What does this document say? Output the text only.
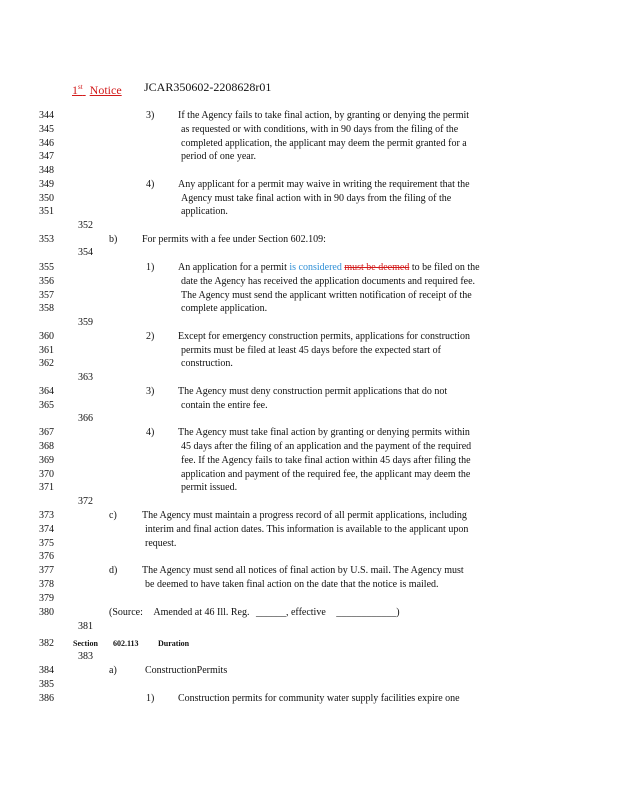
1st Notice JCAR350602-2208628r01
344
345
346
347
348
349
350
351
352
353
354
355
356
357
358
359
360
361
362
363
364
365
366
367
368
369
370
371
372
373
374
375
376
377
378
379
380
381
382
383
384
385
386
3) If the Agency fails to take final action, by granting or denying the permit
as requested or with conditions, with in 90 days from the filing of the
completed application, the applicant may deem the permit granted for a
period of one year.
4) Any applicant for a permit may waive in writing the requirement that the
Agency must take final action with in 90 days from the filing of the
application.
b) For permits with a fee under Section 602.109:
1) An application for a permit is considered must be deemed to be filed on the
date the Agency has received the application documents and required fee.
The Agency must send the applicant written notification of receipt of the
complete application.
2) Except for emergency construction permits, applications for construction
permits must be filed at least 45 days before the expected start of
construction.
3) The Agency must deny construction permit applications that do not
contain the entire fee.
4) The Agency must take final action by granting or denying permits within
45 days after the filing of an application and the payment of the required
fee. If the Agency fails to take final action within 45 days after filing the
application and payment of the required fee, the applicant may deem the
permit issued.
c)	The Agency must maintain a progress record of all permit applications, including
interim and final action dates. This information is available to the applicant upon
request.
d) The Agency must send all notices of final action by U.S. mail. The Agency must
be deemed to have taken final action on the date that the notice is mailed.
(Source: Amended at 46 Ill. Reg. ______, effective ____________)
Section 602.113 Duration
a)	ConstructionPermits
1) Construction permits for community water supply facilities expire one
